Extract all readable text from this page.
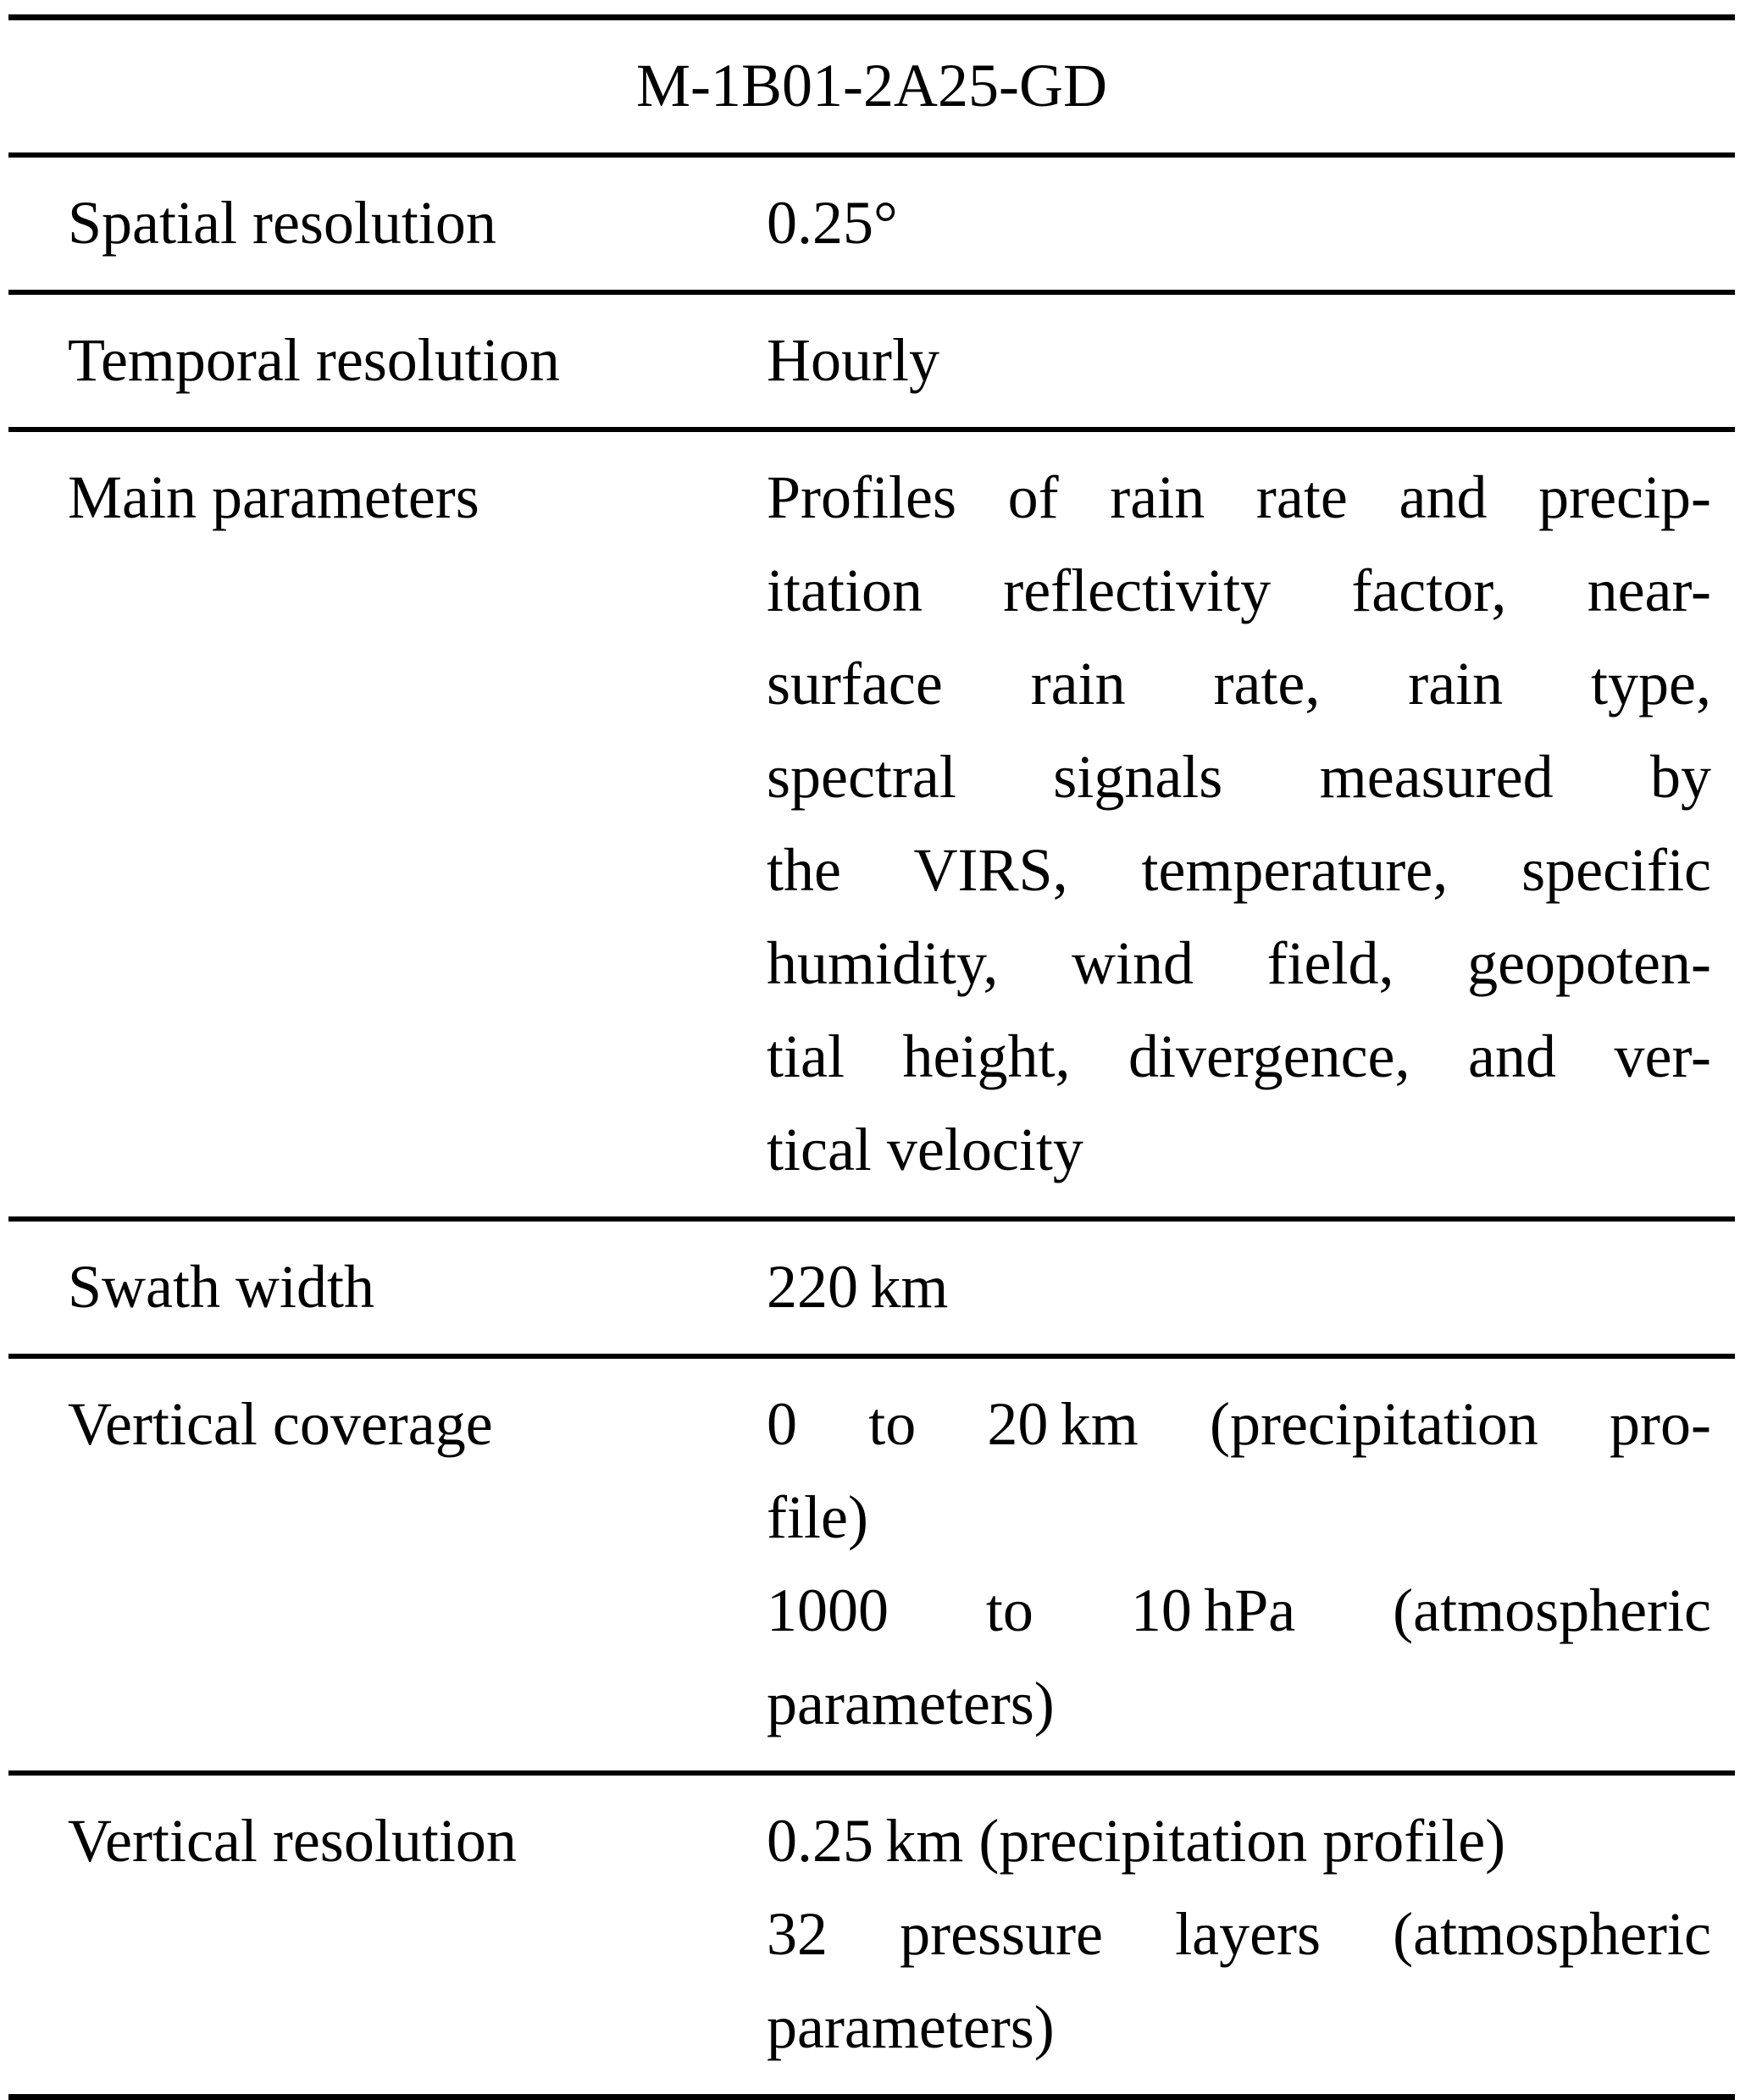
M-1B01-2A25-GD
Spatial resolution	0.25°
Temporal resolution	Hourly
Main parameters	Profiles of rain rate and precip-
itation reflectivity factor, near-
surface rain rate, rain type,
spectral signals measured by
the VIRS, temperature, specific
humidity, wind field, geopoten-
tial height, divergence, and ver-
tical velocity
Swath width	220 km
Vertical coverage	0 to 20 km (precipitation pro-
file)
1000 to 10 hPa (atmospheric
parameters)
Vertical resolution	0.25 km (precipitation profile)
32 pressure layers (atmospheric
parameters)
